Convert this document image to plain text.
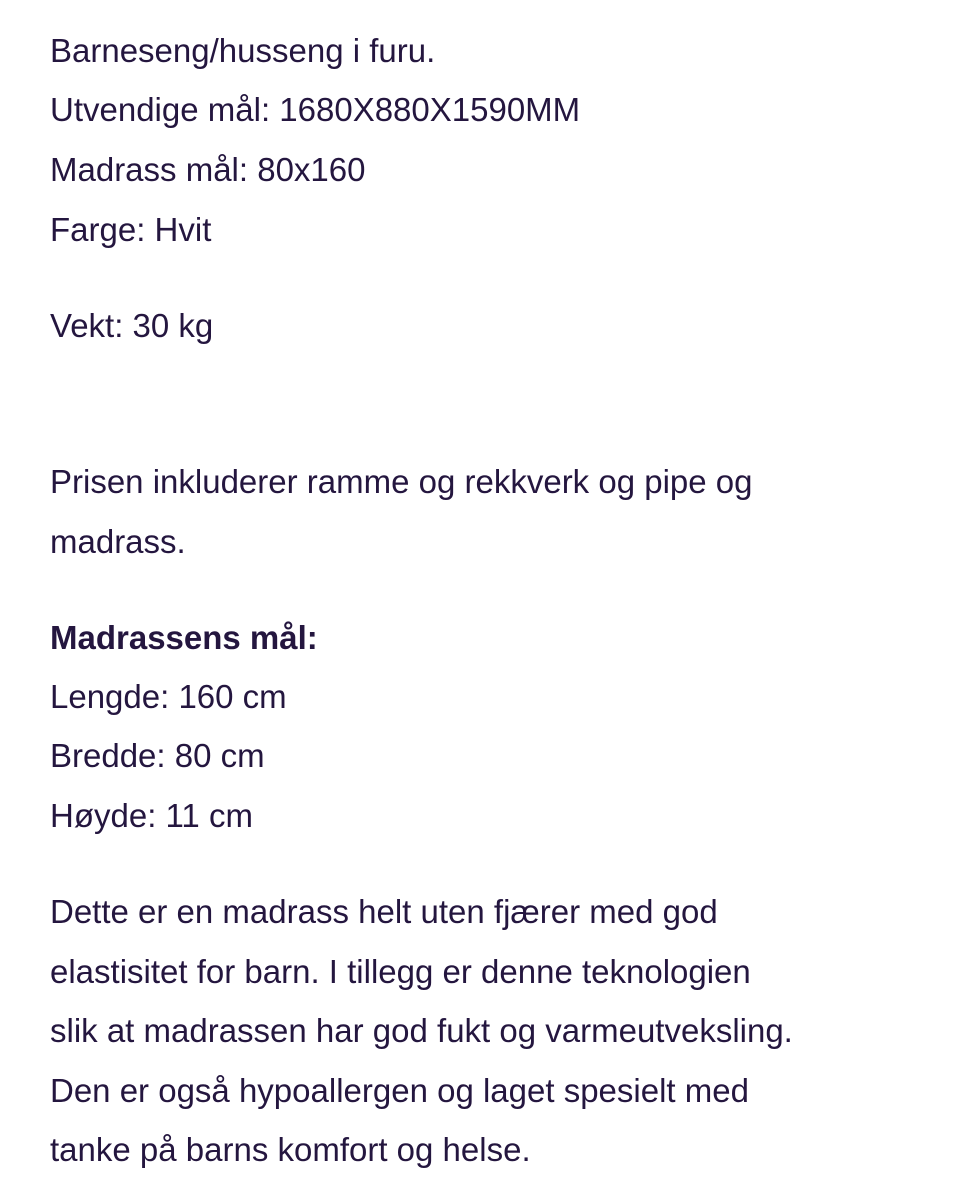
Barneseng/husseng i furu.
Utvendige mål: 1680X880X1590MM
Madrass mål: 80x160
Farge: Hvit
Vekt: 30 kg
Prisen inkluderer ramme og rekkverk og pipe og
madrass.
Madrassens mål:
Lengde: 160 cm
Bredde: 80 cm
Høyde: 11 cm
Dette er en madrass helt uten fjærer med god
elastisitet for barn. I tillegg er denne teknologien
slik at madrassen har god fukt og varmeutveksling.
Den er også hypoallergen og laget spesielt med
tanke på barns komfort og helse.
